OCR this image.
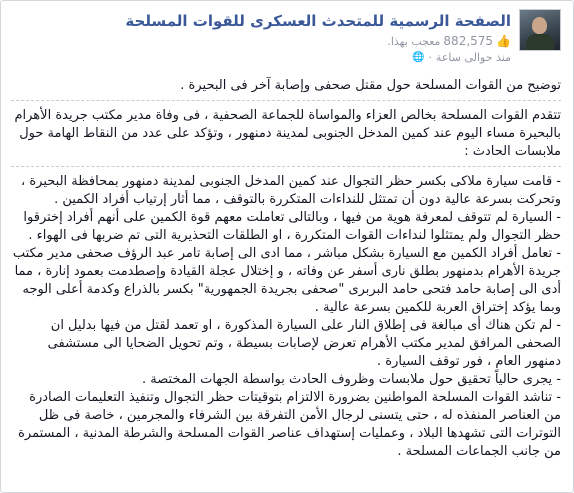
الصفحة الرسمية للمتحدث العسكرى للقوات المسلحة
👍
882,575
معجب بهذا.
منذ حوالى ساعة
·
🌐

توضيح من القوات المسلحة حول مقتل صحفى وإصابة آخر فى البحيرة .

تتقدم القوات المسلحة بخالص العزاء والمواساة للجماعة الصحفية ، فى وفاة مدير مكتب جريدة الأهرام بالبحيرة مساء اليوم عند كمين المدخل الجنوبى لمدينة دمنهور ، وتؤكد على عدد من النقاط الهامة حول ملابسات الحادث :

- قامت سيارة ملاكى بكسر حظر التجوال عند كمين المدخل الجنوبى لمدينة دمنهور بمحافظة البحيرة ، وتحركت بسرعة عالية دون أن تمتثل للنداءات المتكررة بالتوقف ، مما أثار إرتياب أفراد الكمين .

- السيارة لم تتوقف لمعرفة هوية من فيها ، وبالتالى تعاملت معهم قوة الكمين على أنهم أفراد إخترقوا حظر التجوال ولم يمتثلوا لنداءات القوات المتكررة ، او الطلقات التحذيرية التى تم ضربها فى الهواء .

- تعامل أفراد الكمين مع السيارة بشكل مباشر ، مما ادى الى إصابة تامر عبد الرؤف صحفى مدير مكتب جريدة الأهرام بدمنهور بطلق نارى أسفر عن وفاته ، و إختلال عجلة القيادة وإصطدمت بعمود إنارة ، مما أدى الى إصابة حامد فتحى حامد البربرى "صحفى بجريدة الجمهورية" بكسر بالذراع وكدمة أعلى الوجه وبما يؤكد إختراق العربة للكمين بسرعة عالية .

- لم تكن هناك أى مبالغة فى إطلاق النار على السيارة المذكورة ، او تعمد لقتل من فيها بدليل ان الصحفى المرافق لمدير مكتب الأهرام تعرض لإصابات بسيطة ، وتم تحويل الضحايا الى مستشفى دمنهور العام ، فور توقف السيارة .

- يجرى حالياً تحقيق حول ملابسات وظروف الحادث بواسطة الجهات المختصة .

- تناشد القوات المسلحة المواطنين بضرورة الالتزام بتوقيتات حظر التجوال وتنفيذ التعليمات الصادرة من العناصر المنفذه له ، حتى يتسنى لرجال الأمن التفرقة بين الشرفاء والمجرمين ، خاصة فى ظل التوترات التى تشهدها البلاد ، وعمليات إستهداف عناصر القوات المسلحة والشرطة المدنية ، المستمرة من جانب الجماعات المسلحة .
